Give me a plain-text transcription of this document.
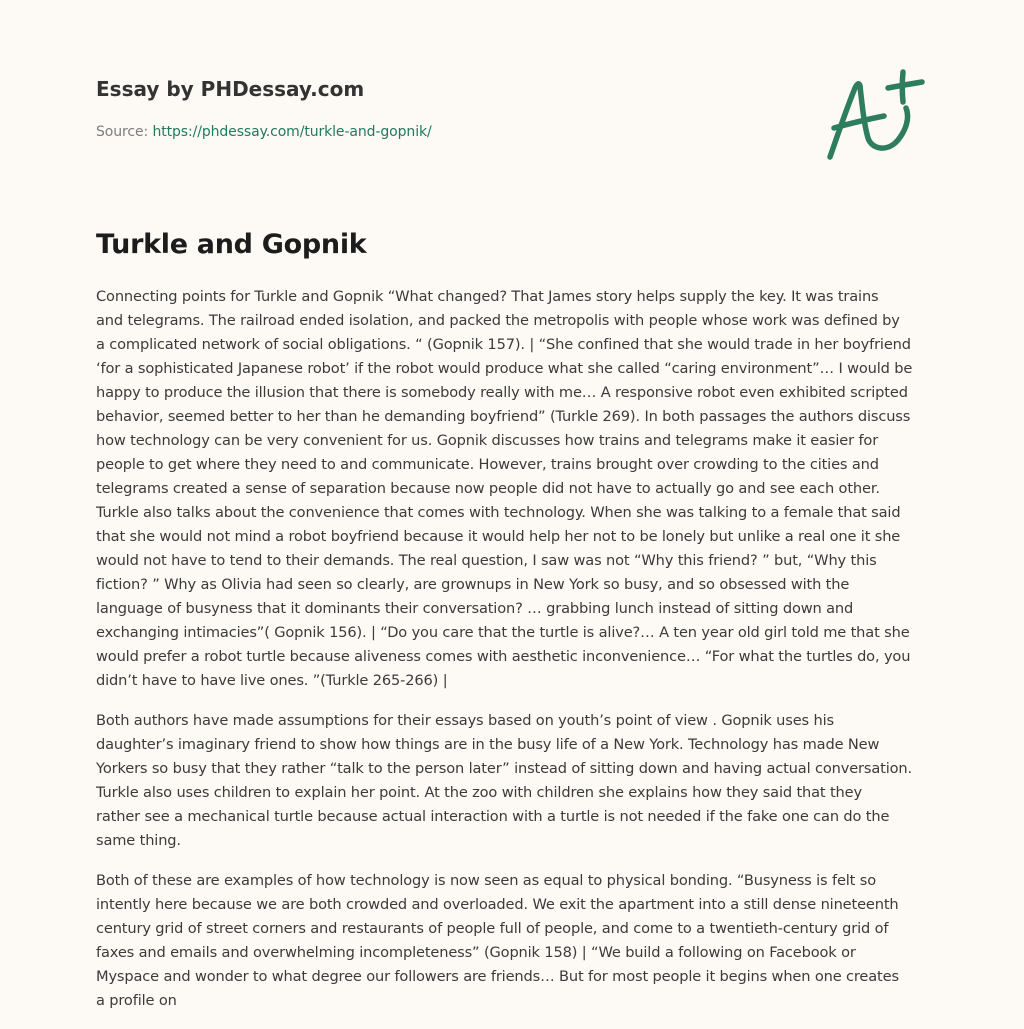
Essay by PHDessay.com
Source: https://phdessay.com/turkle-and-gopnik/
Turkle and Gopnik

Connecting points for Turkle and Gopnik “What changed? That James story helps supply the key. It was trains
and telegrams. The railroad ended isolation, and packed the metropolis with people whose work was defined by
a complicated network of social obligations. “ (Gopnik 157). | “She confined that she would trade in her boyfriend
‘for a sophisticated Japanese robot’ if the robot would produce what she called “caring environment”… I would be
happy to produce the illusion that there is somebody really with me… A responsive robot even exhibited scripted
behavior, seemed better to her than he demanding boyfriend” (Turkle 269). In both passages the authors discuss
how technology can be very convenient for us. Gopnik discusses how trains and telegrams make it easier for
people to get where they need to and communicate. However, trains brought over crowding to the cities and
telegrams created a sense of separation because now people did not have to actually go and see each other.
Turkle also talks about the convenience that comes with technology. When she was talking to a female that said
that she would not mind a robot boyfriend because it would help her not to be lonely but unlike a real one it she
would not have to tend to their demands. The real question, I saw was not “Why this friend? ” but, “Why this
fiction? ” Why as Olivia had seen so clearly, are grownups in New York so busy, and so obsessed with the
language of busyness that it dominants their conversation? … grabbing lunch instead of sitting down and
exchanging intimacies”( Gopnik 156). | “Do you care that the turtle is alive?… A ten year old girl told me that she
would prefer a robot turtle because aliveness comes with aesthetic inconvenience… “For what the turtles do, you
didn’t have to have live ones. ”(Turkle 265-266) |

Both authors have made assumptions for their essays based on youth’s point of view . Gopnik uses his
daughter’s imaginary friend to show how things are in the busy life of a New York. Technology has made New
Yorkers so busy that they rather “talk to the person later” instead of sitting down and having actual conversation.
Turkle also uses children to explain her point. At the zoo with children she explains how they said that they
rather see a mechanical turtle because actual interaction with a turtle is not needed if the fake one can do the
same thing.

Both of these are examples of how technology is now seen as equal to physical bonding. “Busyness is felt so
intently here because we are both crowded and overloaded. We exit the apartment into a still dense nineteenth
century grid of street corners and restaurants of people full of people, and come to a twentieth-century grid of
faxes and emails and overwhelming incompleteness” (Gopnik 158) | “We build a following on Facebook or
Myspace and wonder to what degree our followers are friends… But for most people it begins when one creates
a profile on
